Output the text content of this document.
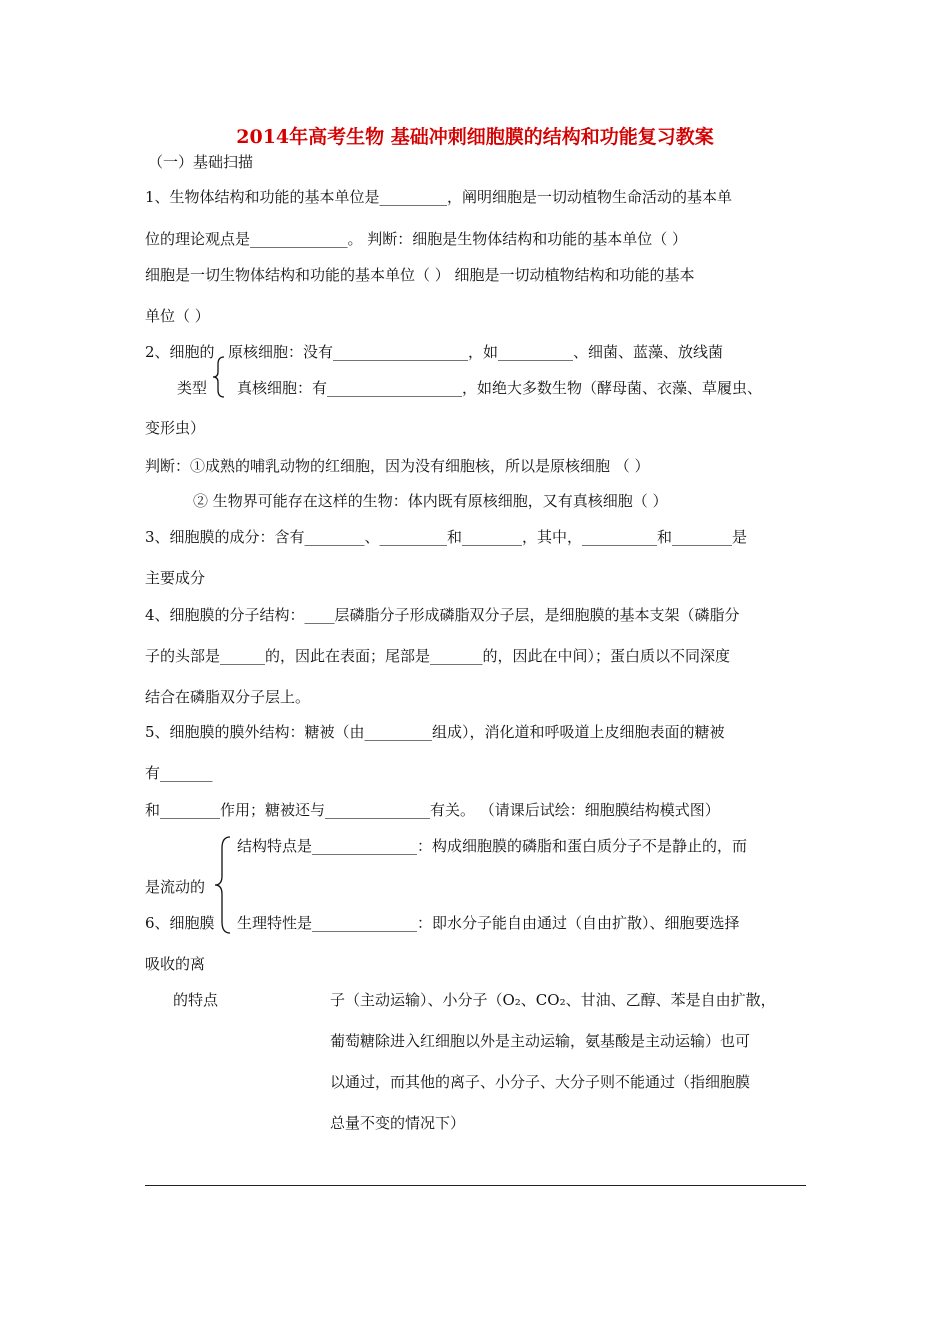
2014年高考生物 基础冲刺细胞膜的结构和功能复习教案
（一）基础扫描
1、生物体结构和功能的基本单位是_________，阐明细胞是一切动植物生命活动的基本单
位的理论观点是_____________。 判断：细胞是生物体结构和功能的基本单位（ ）
细胞是一切生物体结构和功能的基本单位（ ） 细胞是一切动植物结构和功能的基本
单位（ ）
2、细胞的 原核细胞：没有__________________，如__________、细菌、蓝藻、放线菌
类型 真核细胞：有__________________，如绝大多数生物（酵母菌、衣藻、草履虫、
变形虫）
判断：①成熟的哺乳动物的红细胞，因为没有细胞核，所以是原核细胞 （ ）
② 生物界可能存在这样的生物：体内既有原核细胞，又有真核细胞（ ）
3、细胞膜的成分：含有________、_________和________，其中，__________和________是
主要成分
4、细胞膜的分子结构：____层磷脂分子形成磷脂双分子层，是细胞膜的基本支架（磷脂分
子的头部是______的，因此在表面；尾部是_______的，因此在中间）；蛋白质以不同深度
结合在磷脂双分子层上。
5、细胞膜的膜外结构：糖被（由_________组成），消化道和呼吸道上皮细胞表面的糖被
有_______
和________作用；糖被还与______________有关。 （请课后试绘：细胞膜结构模式图）
结构特点是______________：构成细胞膜的磷脂和蛋白质分子不是静止的，而
是流动的
6、细胞膜 生理特性是______________：即水分子能自由通过（自由扩散）、细胞要选择
吸收的离
的特点	子（主动运输）、小分子（O₂、CO₂、甘油、乙醇、苯是自由扩散，
葡萄糖除进入红细胞以外是主动运输，氨基酸是主动运输）也可
以通过，而其他的离子、小分子、大分子则不能通过（指细胞膜
总量不变的情况下）
